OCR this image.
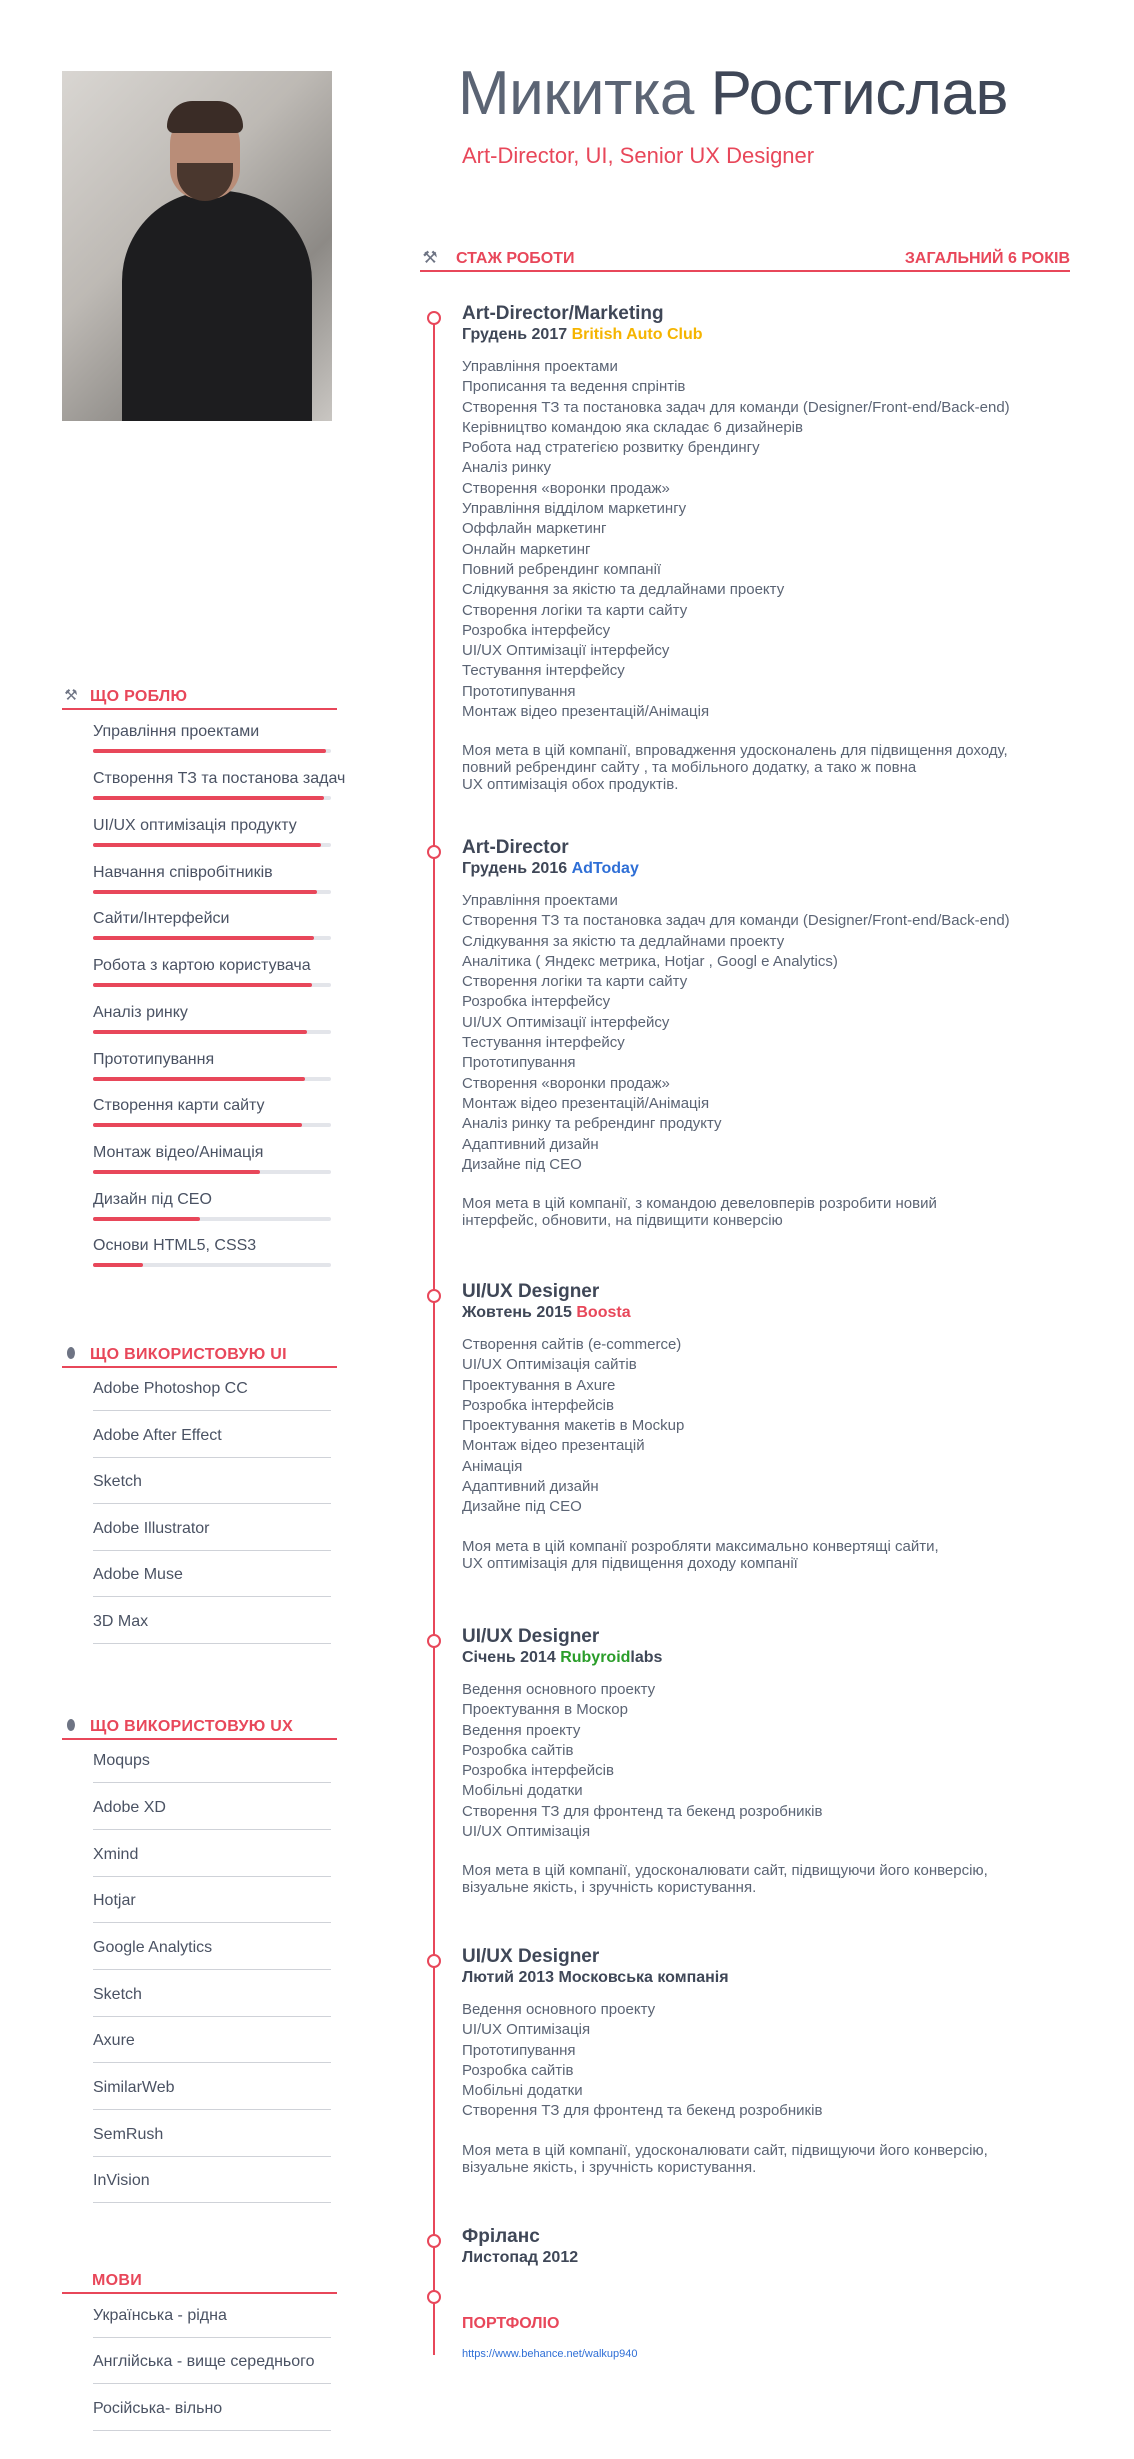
⚒ ЩО РОБЛЮ
Управління проектами
Створення ТЗ та постанова задач
UI/UX оптимізація продукту
Навчання співробітників
Сайти/Інтерфейси
Робота з картою користувача
Аналіз ринку
Прототипування
Створення карти сайту
Монтаж відео/Анімація
Дизайн під CEO
Основи HTML5, CSS3
⬮ ЩО ВИКОРИСТОВУЮ UI
Adobe Photoshop CC
Adobe After Effect
Sketch
Adobe Illustrator
Adobe Muse
3D Max
⬮ ЩО ВИКОРИСТОВУЮ UX
Moqups
Adobe XD
Xmind
Hotjar
Google Analytics
Sketch
Axure
SimilarWeb
SemRush
InVision
МОВИ
Українська - рідна
Англійська - вище середнього
Російська- вільно
Микитка Ростислав
Art-Director, UI, Senior UX Designer
⚒ СТАЖ РОБОТИ	ЗАГАЛЬНИЙ 6 РОКІВ
Art-Director/Marketing
Грудень 2017 British Auto Club
Управління проектами
Прописання та ведення спрінтів
Створення ТЗ та постановка задач для команди (Designer/Front-end/Back-end)
Керівництво командою яка складає 6 дизайнерів
Робота над стратегією розвитку брендингу
Аналіз ринку
Створення «воронки продаж»
Управління відділом маркетингу
Оффлайн маркетинг
Онлайн маркетинг
Повний ребрендинг компанії
Слідкування за якістю та дедлайнами проекту
Створення логіки та карти сайту
Розробка інтерфейсу
UI/UX Оптимізації інтерфейсу
Тестування інтерфейсу
Прототипування
Монтаж відео презентацій/Анімація
Моя мета в цій компанії, впровадження удосконалень для підвищення доходу,
повний ребрендинг сайту , та мобільного додатку, а тако ж повна
UX оптимізація обох продуктів.
Art-Director
Грудень 2016 AdToday
Управління проектами
Створення ТЗ та постановка задач для команди (Designer/Front-end/Back-end)
Слідкування за якістю та дедлайнами проекту
Аналітика ( Яндекс метрика, Hotjar , Googl e Analytics)
Створення логіки та карти сайту
Розробка інтерфейсу
UI/UX Оптимізації інтерфейсу
Тестування інтерфейсу
Прототипування
Створення «воронки продаж»
Монтаж відео презентацій/Анімація
Аналіз ринку та ребрендинг продукту
Адаптивний дизайн
Дизайне під CEO
Моя мета в цій компанії, з командою девеловперів розробити новий
інтерфейс, обновити, на підвищити конверсію
UI/UX Designer
Жовтень 2015 Boosta
Створення сайтів (e-commerce)
UI/UX Оптимізація сайтів
Проектування в Axure
Розробка інтерфейсів
Проектування макетів в Mockup
Монтаж відео презентацій
Анімація
Адаптивний дизайн
Дизайне під CEO
Моя мета в цій компанії розробляти максимально конвертящі сайти,
UX оптимізація для підвищення доходу компанії
UI/UX Designer
Січень 2014 Rubyroidlabs
Ведення основного проекту
Проектування в Moскор
Ведення проекту
Розробка сайтів
Розробка інтерфейсів
Мобільні додатки
Створення ТЗ для фронтенд та бекенд розробників
UI/UX Оптимізація
Моя мета в цій компанії, удосконалювати сайт, підвищуючи його конверсію,
візуальне якість, і зручність користування.
UI/UX Designer
Лютий 2013 Московська компанія
Ведення основного проекту
UI/UX Оптимізація
Прототипування
Розробка сайтів
Мобільні додатки
Створення ТЗ для фронтенд та бекенд розробників
Моя мета в цій компанії, удосконалювати сайт, підвищуючи його конверсію,
візуальне якість, і зручність користування.
Фріланс
Листопад 2012
ПОРТФОЛІО
https://www.behance.net/walkup940
